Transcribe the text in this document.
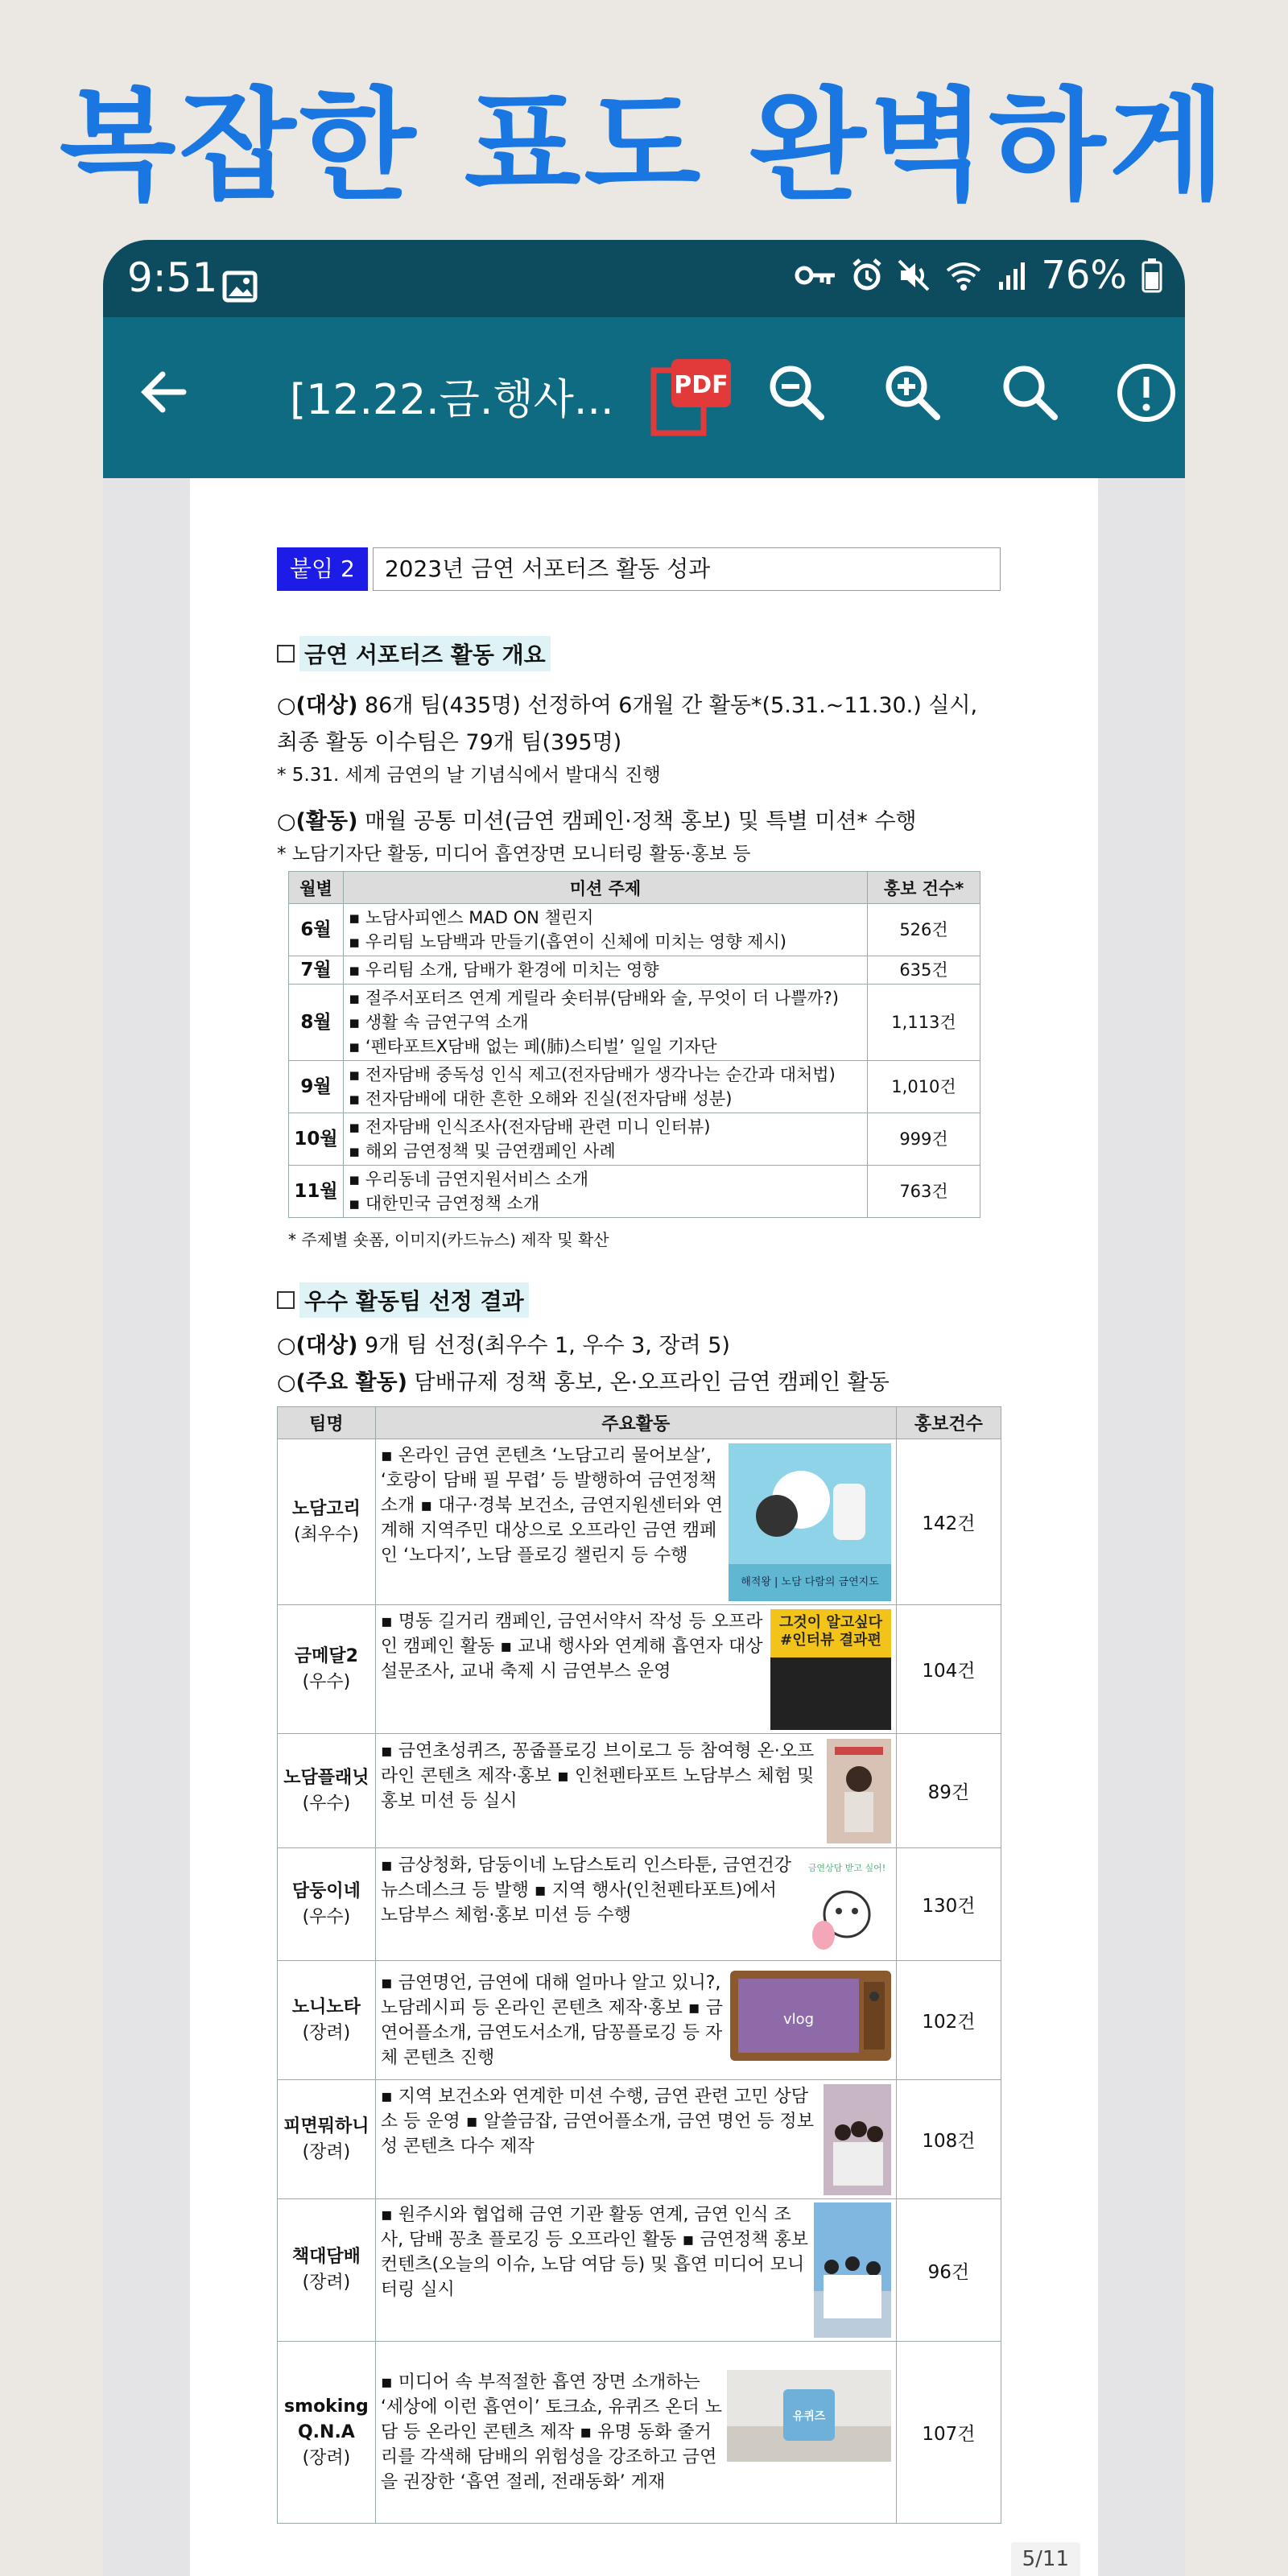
복잡한 표도 완벽하게
9:51	76%
[12.22.금.행사... PDF
붙임 2	2023년 금연 서포터즈 활동 성과
금연 서포터즈 활동 개요
○(대상) 86개 팀(435명) 선정하여 6개월 간 활동*(5.31.~11.30.) 실시, 최종 활동 이수팀은 79개 팀(395명)
* 5.31. 세계 금연의 날 기념식에서 발대식 진행
○(활동) 매월 공통 미션(금연 캠페인·정책 홍보) 및 특별 미션* 수행
* 노담기자단 활동, 미디어 흡연장면 모니터링 활동·홍보 등
월별	미션 주제	홍보 건수*
6월	▪ 노담사피엔스 MAD ON 챌린지
▪ 우리팀 노담백과 만들기(흡연이 신체에 미치는 영향 제시)	526건
7월	▪ 우리팀 소개, 담배가 환경에 미치는 영향	635건
8월	▪ 절주서포터즈 연계 게릴라 숏터뷰(담배와 술, 무엇이 더 나쁠까?)
▪ 생활 속 금연구역 소개
▪ ‘펜타포트X담배 없는 페(肺)스티벌’ 일일 기자단	1,113건
9월	▪ 전자담배 중독성 인식 제고(전자담배가 생각나는 순간과 대처법)
▪ 전자담배에 대한 흔한 오해와 진실(전자담배 성분)	1,010건
10월	▪ 전자담배 인식조사(전자담배 관련 미니 인터뷰)
▪ 해외 금연정책 및 금연캠페인 사례	999건
11월	▪ 우리동네 금연지원서비스 소개
▪ 대한민국 금연정책 소개	763건
* 주제별 숏폼, 이미지(카드뉴스) 제작 및 확산
우수 활동팀 선정 결과
○(대상) 9개 팀 선정(최우수 1, 우수 3, 장려 5)
○(주요 활동) 담배규제 정책 홍보, 온·오프라인 금연 캠페인 활동
팀명	주요활동	홍보건수
노담고리
(최우수)	해적왕 | 노담 다람의 금연지도
▪ 온라인 금연 콘텐츠 ‘노담고리 물어보살’, ‘호랑이 담배 필 무렵’ 등 발행하여 금연정책 소개 ▪ 대구·경북 보건소, 금연지원센터와 연계해 지역주민 대상으로 오프라인 금연 캠페인 ‘노다지’, 노담 플로깅 챌린지 등 수행	142건
금메달2
(우수)	그것이 알고싶다 #인터뷰 결과편
▪ 명동 길거리 캠페인, 금연서약서 작성 등 오프라인 캠페인 활동 ▪ 교내 행사와 연계해 흡연자 대상 설문조사, 교내 축제 시 금연부스 운영	104건
노담플래닛
(우수)	▪ 금연초성퀴즈, 꽁줍플로깅 브이로그 등 참여형 온·오프라인 콘텐츠 제작·홍보 ▪ 인천펜타포트 노담부스 체험 및 홍보 미션 등 실시	89건
담둥이네
(우수)	금연상담 받고 싶어!
▪ 금상청화, 담둥이네 노담스토리 인스타툰, 금연건강뉴스데스크 등 발행 ▪ 지역 행사(인천펜타포트)에서 노담부스 체험·홍보 미션 등 수행	130건
노니노타
(장려)	vlog
▪ 금연명언, 금연에 대해 얼마나 알고 있니?, 노담레시피 등 온라인 콘텐츠 제작·홍보 ▪ 금연어플소개, 금연도서소개, 담꽁플로깅 등 자체 콘텐츠 진행	102건
피면뭐하니
(장려)	▪ 지역 보건소와 연계한 미션 수행, 금연 관련 고민 상담소 등 운영 ▪ 알쓸금잡, 금연어플소개, 금연 명언 등 정보성 콘텐츠 다수 제작	108건
책대담배
(장려)	▪ 원주시와 협업해 금연 기관 활동 연계, 금연 인식 조사, 담배 꽁초 플로깅 등 오프라인 활동 ▪ 금연정책 홍보 컨텐츠(오늘의 이슈, 노담 여담 등) 및 흡연 미디어 모니터링 실시	96건
smoking Q.N.A
(장려)	유퀴즈
▪ 미디어 속 부적절한 흡연 장면 소개하는 ‘세상에 이런 흡연이’ 토크쇼, 유퀴즈 온더 노담 등 온라인 콘텐츠 제작 ▪ 유명 동화 줄거리를 각색해 담배의 위험성을 강조하고 금연을 권장한 ‘흡연 절레, 전래동화’ 게재	107건
5/11
